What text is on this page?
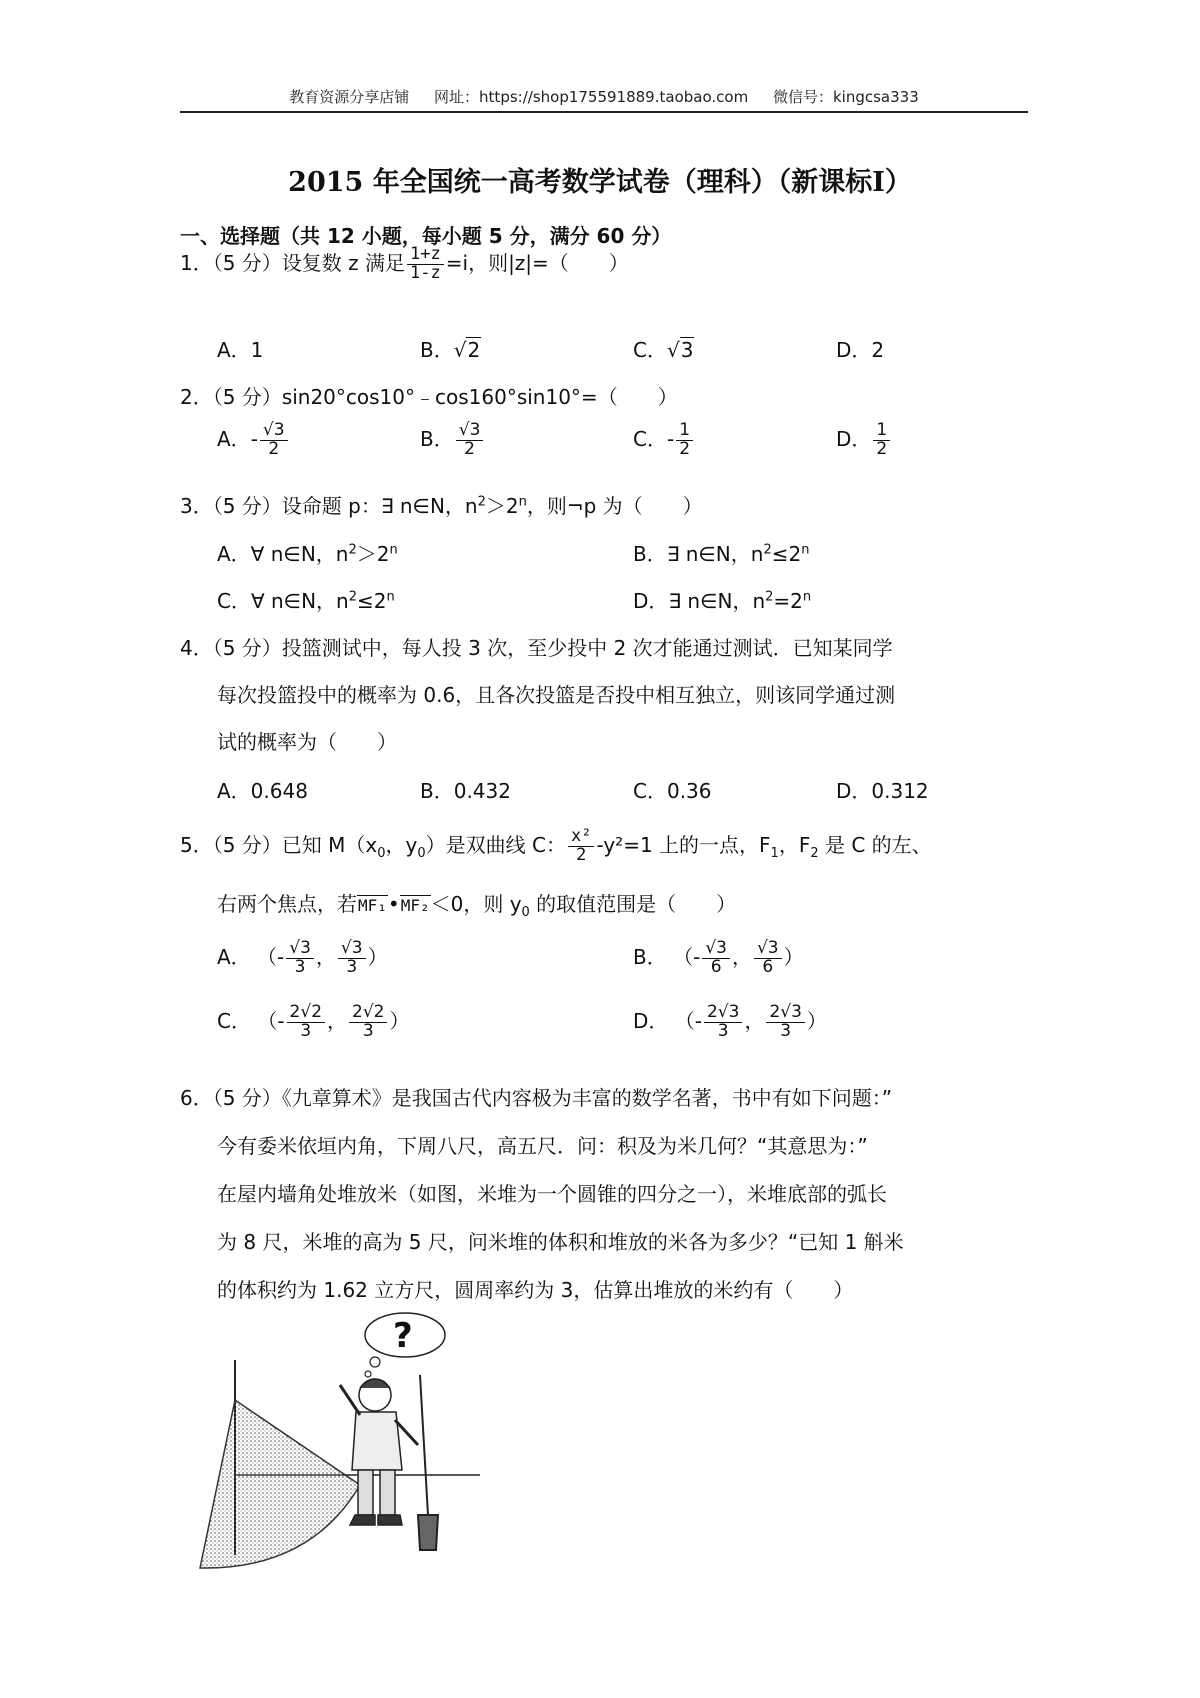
教育资源分享店铺 网址：https://shop175591889.taobao.com 微信号：kingcsa333
2015 年全国统一高考数学试卷（理科）（新课标Ⅰ）
一、选择题（共 12 小题，每小题 5 分，满分 60 分）
1．（5 分）设复数 z 满足 $\frac{1+z}{1-z} =i$，则|z|=（　　）
A．1	B．√2	C．√3	D．2
2．（5 分）sin20°cos10°﹣cos160°sin10°=（　　）
A．- $\frac{√3}{2}$	B． $\frac{√3}{2}$	C．- $\frac{1}{2}$	D． $\frac{1}{2}$
3．（5 分）设命题 p：∃ n∈N，$n^2>2^n$，则¬p 为（　　）
A．∀ n∈N，$n^2>2^n$	B．∃ n∈N，$n^2\le 2^n$
C．∀ n∈N，$n^2\le 2^n$	D．∃ n∈N，$n^2=2^n$
4．（5 分）投篮测试中，每人投 3 次，至少投中 2 次才能通过测试．已知某同学
每次投篮投中的概率为 0.6，且各次投篮是否投中相互独立，则该同学通过测
试的概率为（　　）
A．0.648	B．0.432	C．0.36	D．0.312
5．（5 分）已知 $M(x_0$，$y_0$）是双曲线 C： $\frac{\text{x²}}{2} -y^2=1$ 上的一点，$F_1$，$F_2$ 是 C 的左、
右两个焦点，若MF₁•MF₂＜0，则 $y_0$ 的取值范围是（　　）
A． （- $\frac{√3}{3}$ ， $\frac{√3}{3}$ ）	B． （- $\frac{√3}{6}$ ， $\frac{√3}{6}$ ）
C． （- $\frac{2√2}{3}$ ， $\frac{2√2}{3}$ ）	D． （- $\frac{2√3}{3}$ ， $\frac{2√3}{3}$ ）
6．（5 分）《九章算术》是我国古代内容极为丰富的数学名著，书中有如下问题：”
今有委米依垣内角，下周八尺，高五尺．问：积及为米几何？“其意思为：”
在屋内墙角处堆放米（如图，米堆为一个圆锥的四分之一），米堆底部的弧长
为 8 尺，米堆的高为 5 尺，问米堆的体积和堆放的米各为多少？“已知 1 斛米
的体积约为 1.62 立方尺，圆周率约为 3，估算出堆放的米约有（　　）
?
